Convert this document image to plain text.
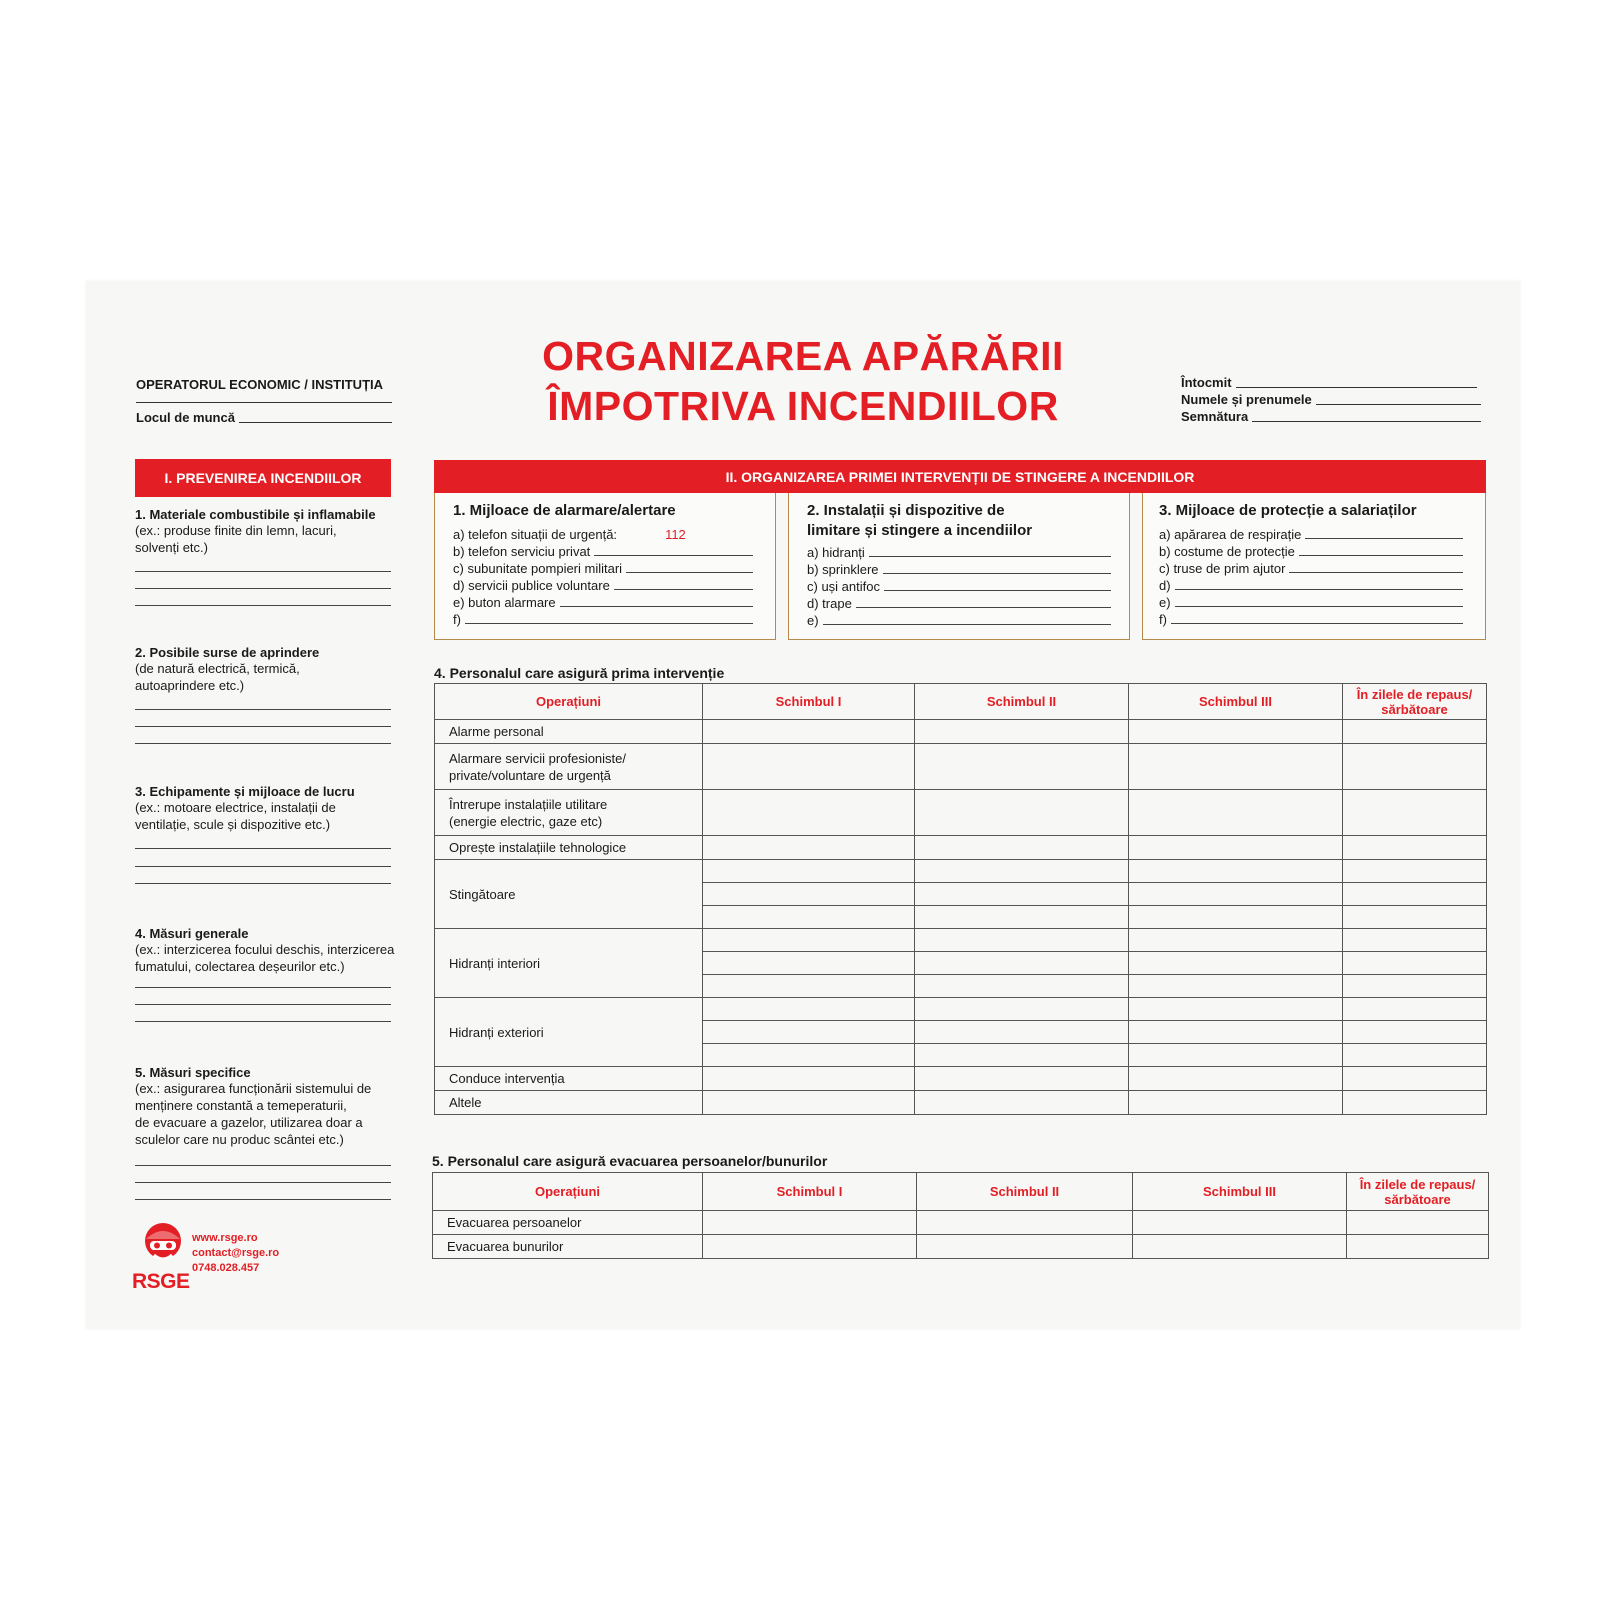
ORGANIZAREA APĂRĂRII
ÎMPOTRIVA INCENDIILOR
OPERATORUL ECONOMIC / INSTITUȚIA
Locul de muncă
Întocmit
Numele și prenumele
Semnătura
I. PREVENIREA INCENDIILOR
1. Materiale combustibile și inflamabile
(ex.: produse finite din lemn, lacuri,
solvenți etc.)
2. Posibile surse de aprindere
(de natură electrică, termică,
autoaprindere etc.)
3. Echipamente și mijloace de lucru
(ex.: motoare electrice, instalații de
ventilație, scule și dispozitive etc.)
4. Măsuri generale
(ex.: interzicerea focului deschis, interzicerea
fumatului, colectarea deșeurilor etc.)
5. Măsuri specifice
(ex.: asigurarea funcționării sistemului de
menținere constantă a temeperaturii,
de evacuare a gazelor, utilizarea doar a
sculelor care nu produc scântei etc.)
II. ORGANIZAREA PRIMEI INTERVENȚII DE STINGERE A INCENDIILOR
1. Mijloace de alarmare/alertare
a) telefon situații de urgență:	112
b) telefon serviciu privat
c) subunitate pompieri militari
d) servicii publice voluntare
e) buton alarmare
f)
2. Instalații și dispozitive de
limitare și stingere a incendiilor
a) hidranți
b) sprinklere
c) uși antifoc
d) trape
e)
3. Mijloace de protecție a salariaților
a) apărarea de respirație
b) costume de protecție
c) truse de prim ajutor
d)
e)
f)
4. Personalul care asigură prima intervenție
Operațiuni	Schimbul I	Schimbul II	Schimbul III	În zilele de repaus/
sărbătoare

Alarme personal				

Alarmare servicii profesioniste/
private/voluntare de urgență				

Întrerupe instalațiile utilitare
(energie electric, gaze etc)				

Oprește instalațiile tehnologice				

Stingătoare				

Hidranți interiori				

Hidranți exteriori				

Conduce intervenția				

Altele				

5. Personalul care asigură evacuarea persoanelor/bunurilor
Operațiuni	Schimbul I	Schimbul II	Schimbul III	În zilele de repaus/
sărbătoare

Evacuarea persoanelor				
Evacuarea bunurilor				
RSGE
www.rsge.ro
contact@rsge.ro
0748.028.457
